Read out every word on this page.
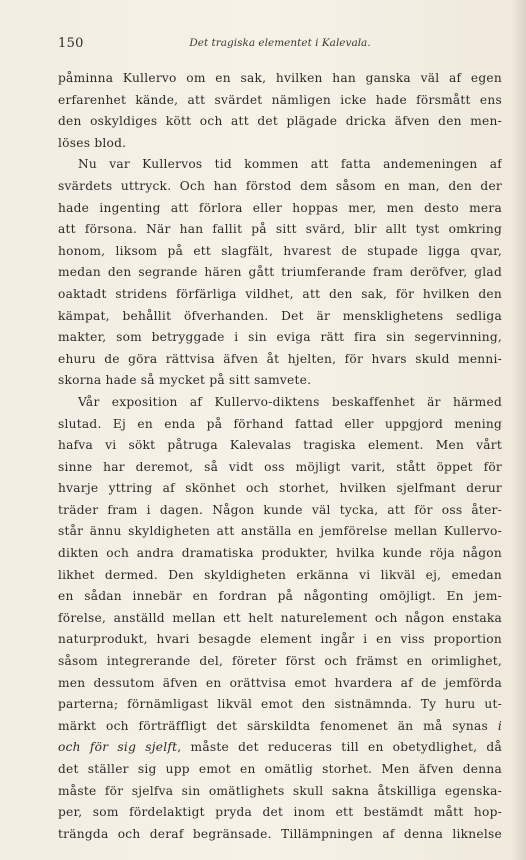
150	Det tragiska elementet i Kalevala.
påminna Kullervo om en sak, hvilken han ganska väl af egen
erfarenhet kände, att svärdet nämligen icke hade försmått ens
den oskyldiges kött och att det plägade dricka äfven den men-
löses blod.
Nu var Kullervos tid kommen att fatta andemeningen af
svärdets uttryck. Och han förstod dem såsom en man, den der
hade ingenting att förlora eller hoppas mer, men desto mera
att försona. När han fallit på sitt svärd, blir allt tyst omkring
honom, liksom på ett slagfält, hvarest de stupade ligga qvar,
medan den segrande hären gått triumferande fram deröfver, glad
oaktadt stridens förfärliga vildhet, att den sak, för hvilken den
kämpat, behållit öfverhanden. Det är mensklighetens sedliga
makter, som betryggade i sin eviga rätt fira sin segervinning,
ehuru de göra rättvisa äfven åt hjelten, för hvars skuld menni-
skorna hade så mycket på sitt samvete.
Vår exposition af Kullervo-diktens beskaffenhet är härmed
slutad. Ej en enda på förhand fattad eller uppgjord mening
hafva vi sökt påtruga Kalevalas tragiska element. Men vårt
sinne har deremot, så vidt oss möjligt varit, stått öppet för
hvarje yttring af skönhet och storhet, hvilken sjelfmant derur
träder fram i dagen. Någon kunde väl tycka, att för oss åter-
står ännu skyldigheten att anställa en jemförelse mellan Kullervo-
dikten och andra dramatiska produkter, hvilka kunde röja någon
likhet dermed. Den skyldigheten erkänna vi likväl ej, emedan
en sådan innebär en fordran på någonting omöjligt. En jem-
förelse, anställd mellan ett helt naturelement och någon enstaka
naturprodukt, hvari besagde element ingår i en viss proportion
såsom integrerande del, företer först och främst en orimlighet,
men dessutom äfven en orättvisa emot hvardera af de jemförda
parterna; förnämligast likväl emot den sistnämnda. Ty huru ut-
märkt och förträffligt det särskildta fenomenet än må synas i
och för sig sjelft, måste det reduceras till en obetydlighet, då
det ställer sig upp emot en omätlig storhet. Men äfven denna
måste för sjelfva sin omätlighets skull sakna åtskilliga egenska-
per, som fördelaktigt pryda det inom ett bestämdt mått hop-
trängda och deraf begränsade. Tillämpningen af denna liknelse
